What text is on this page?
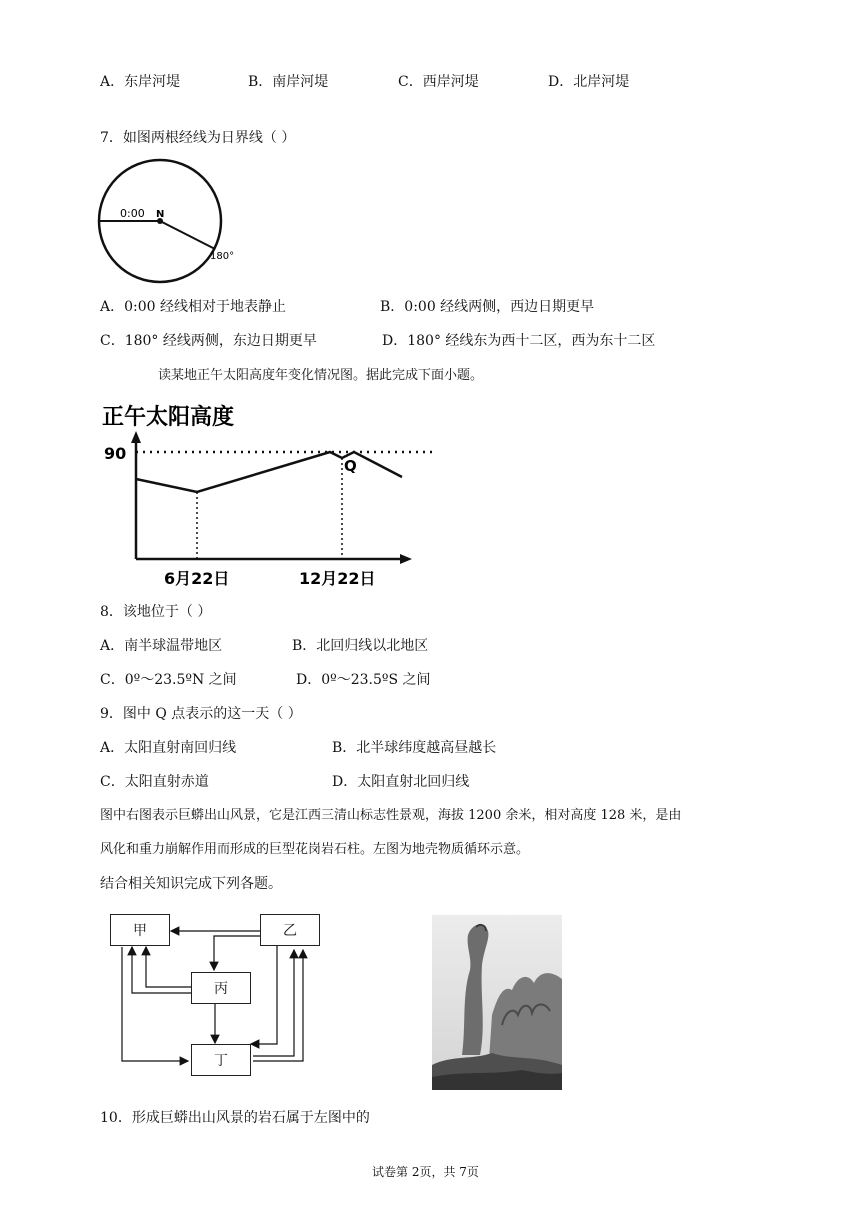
A．东岸河堤	B．南岸河堤	C．西岸河堤	D．北岸河堤
7．如图两根经线为日界线（ ）
0:00 N
180°
A．0:00 经线相对于地表静止	B．0:00 经线两侧，西边日期更早
C．180° 经线两侧，东边日期更早	D．180° 经线东为西十二区，西为东十二区
读某地正午太阳高度年变化情况图。据此完成下面小题。
正午太阳高度
90
Q
6月22日	12月22日
8．该地位于（ ）
A．南半球温带地区	B．北回归线以北地区
C．0º～23.5ºN 之间	D．0º～23.5ºS 之间
9．图中 Q 点表示的这一天（ ）
A．太阳直射南回归线	B．北半球纬度越高昼越长
C．太阳直射赤道	D．太阳直射北回归线
图中右图表示巨蟒出山风景，它是江西三清山标志性景观，海拔 1200 余米，相对高度 128 米，是由
风化和重力崩解作用而形成的巨型花岗岩石柱。左图为地壳物质循环示意。
结合相关知识完成下列各题。
甲	乙
丙
丁
10．形成巨蟒出山风景的岩石属于左图中的
试卷第 2页，共 7页
